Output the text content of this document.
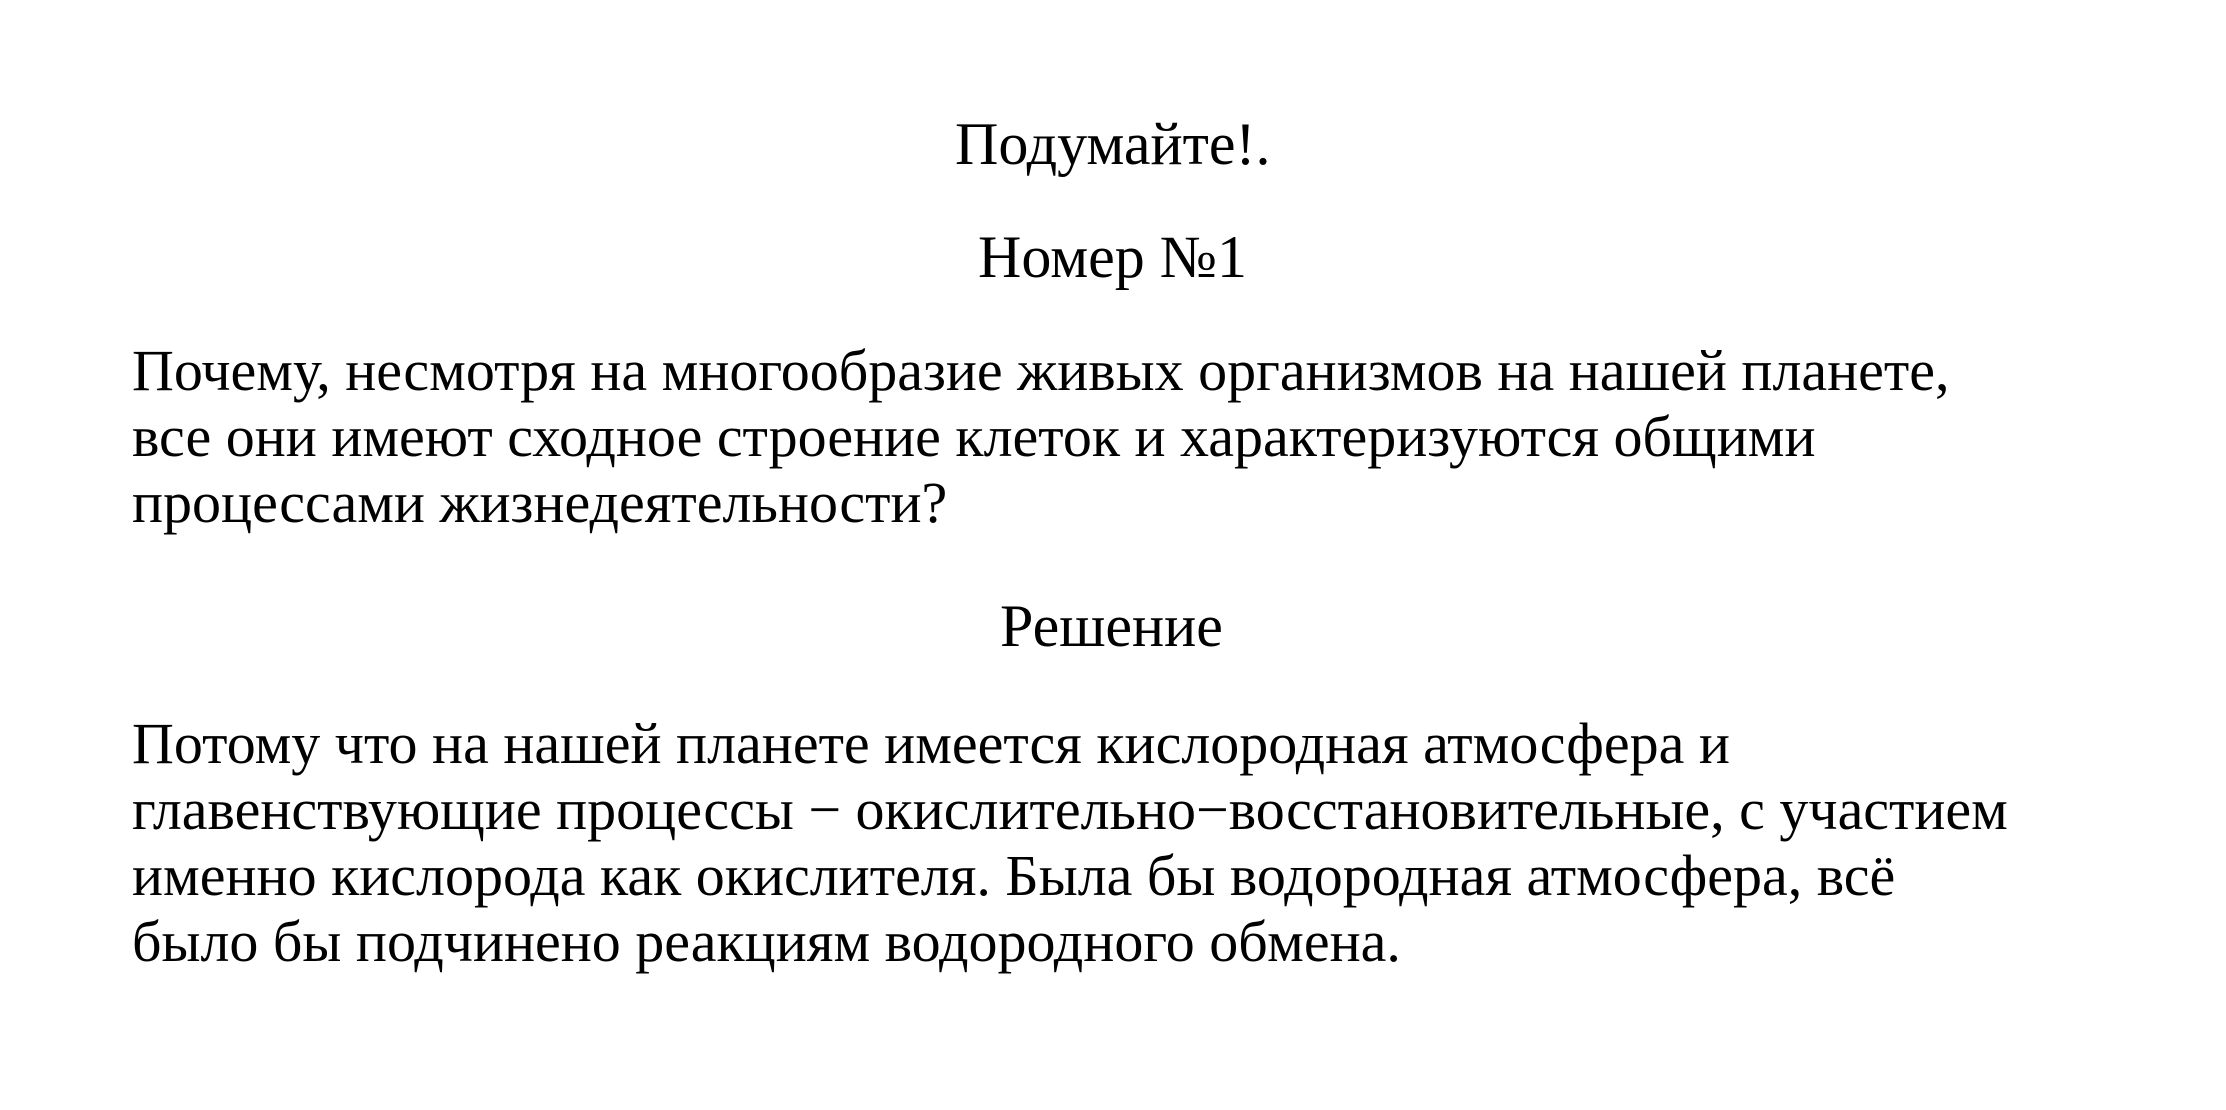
Подумайте!.
Номер №1

Почему, несмотря на многообразие живых организмов на нашей планете,

все они имеют сходное строение клеток и характеризуются общими

процессами жизнедеятельности?

Решение

Потому что на нашей планете имеется кислородная атмосфера и

главенствующие процессы − окислительно−восстановительные, с участием

именно кислорода как окислителя. Была бы водородная атмосфера, всё

было бы подчинено реакциям водородного обмена.
